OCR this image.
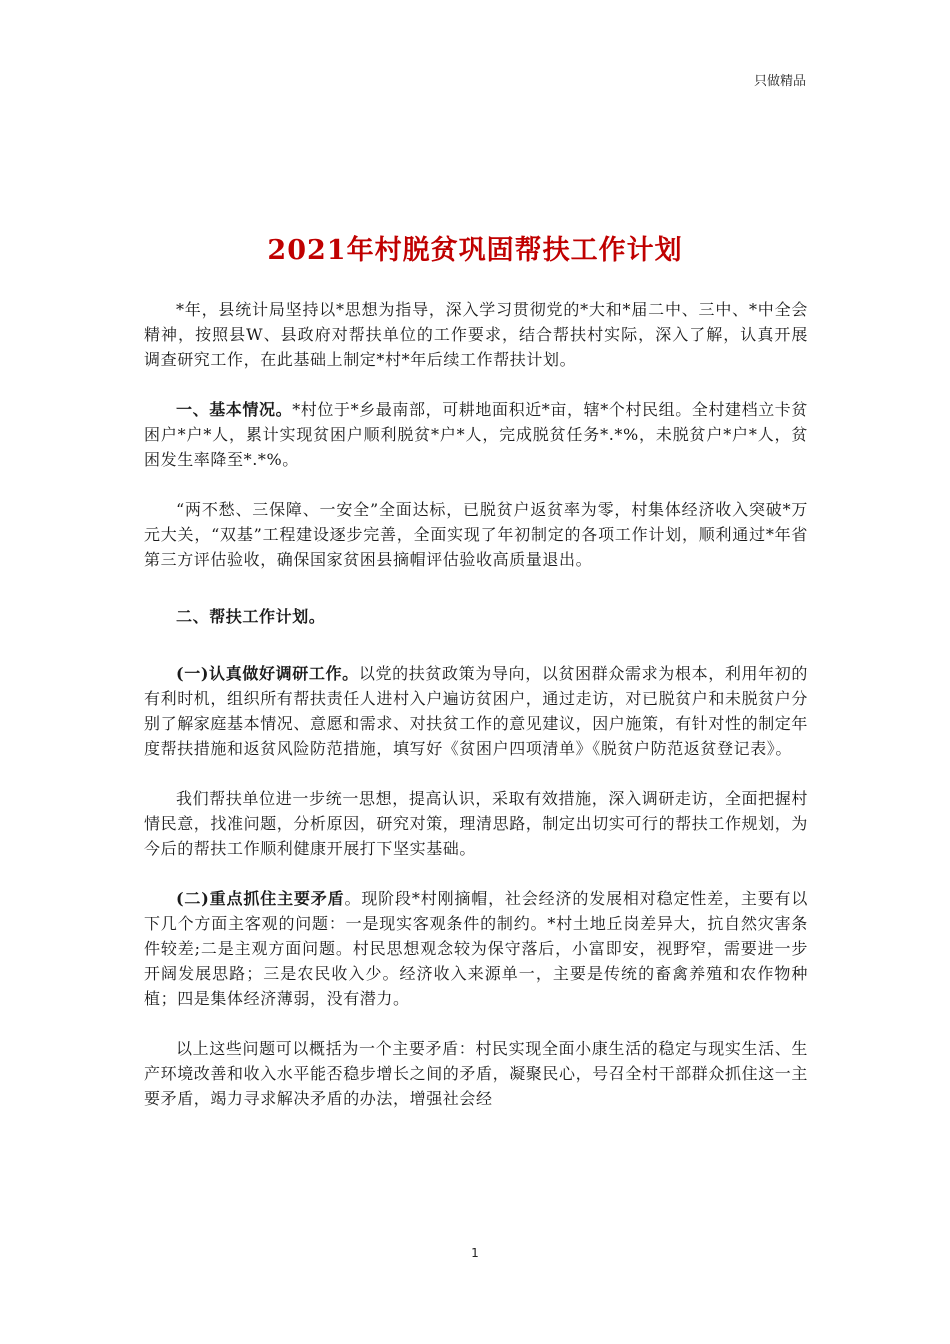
只做精品
2021年村脱贫巩固帮扶工作计划

*年，县统计局坚持以*思想为指导，深入学习贯彻党的*大和*届二中、三中、*中全会精神，按照县W、县政府对帮扶单位的工作要求，结合帮扶村实际，深入了解，认真开展调查研究工作，在此基础上制定*村*年后续工作帮扶计划。

一、基本情况。*村位于*乡最南部，可耕地面积近*亩，辖*个村民组。全村建档立卡贫困户*户*人，累计实现贫困户顺利脱贫*户*人，完成脱贫任务*.*%，未脱贫户*户*人，贫困发生率降至*.*%。

“两不愁、三保障、一安全”全面达标，已脱贫户返贫率为零，村集体经济收入突破*万元大关，“双基”工程建设逐步完善，全面实现了年初制定的各项工作计划，顺利通过*年省第三方评估验收，确保国家贫困县摘帽评估验收高质量退出。

二、帮扶工作计划。

(一)认真做好调研工作。以党的扶贫政策为导向，以贫困群众需求为根本，利用年初的有利时机，组织所有帮扶责任人进村入户遍访贫困户，通过走访，对已脱贫户和未脱贫户分别了解家庭基本情况、意愿和需求、对扶贫工作的意见建议，因户施策，有针对性的制定年度帮扶措施和返贫风险防范措施，填写好《贫困户四项清单》《脱贫户防范返贫登记表》。

我们帮扶单位进一步统一思想，提高认识，采取有效措施，深入调研走访，全面把握村情民意，找准问题，分析原因，研究对策，理清思路，制定出切实可行的帮扶工作规划，为今后的帮扶工作顺利健康开展打下坚实基础。

(二)重点抓住主要矛盾。现阶段*村刚摘帽，社会经济的发展相对稳定性差，主要有以下几个方面主客观的问题：一是现实客观条件的制约。*村土地丘岗差异大，抗自然灾害条件较差;二是主观方面问题。村民思想观念较为保守落后，小富即安，视野窄，需要进一步开阔发展思路；三是农民收入少。经济收入来源单一，主要是传统的畜禽养殖和农作物种植；四是集体经济薄弱，没有潜力。

以上这些问题可以概括为一个主要矛盾：村民实现全面小康生活的稳定与现实生活、生产环境改善和收入水平能否稳步增长之间的矛盾，凝聚民心，号召全村干部群众抓住这一主要矛盾，竭力寻求解决矛盾的办法，增强社会经

1
